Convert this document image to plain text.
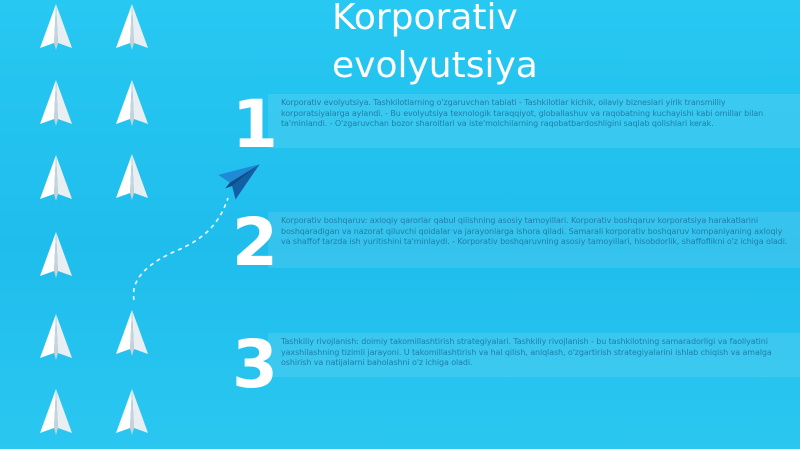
Korporativ
evolyutsiya
1 Korporativ evolyutsiya. Tashkilotlarning o'zgaruvchan tabiati - Tashkilotlar kichik, oilaviy bizneslari yirik transmilliy korporatsiyalarga aylandi. - Bu evolyutsiya texnologik taraqqiyot, globallashuv va raqobatning kuchayishi kabi omillar bilan ta'minlandi. - O'zgaruvchan bozor sharoitlari va iste'molchilarning raqobatbardoshligini saqlab qolishlari kerak.

2 Korporativ boshqaruv: axloqiy qarorlar qabul qilishning asosiy tamoyillari. Korporativ boshqaruv korporatsiya harakatlarini boshqaradigan va nazorat qiluvchi qoidalar va jarayonlarga ishora qiladi. Samarali korporativ boshqaruv kompaniyaning axloqiy va shaffof tarzda ish yuritishini ta'minlaydi. - Korporativ boshqaruvning asosiy tamoyillari, hisobdorlik, shaffoflikni o'z ichiga oladi.

3 Tashkiliy rivojlanish: doimiy takomillashtirish strategiyalari. Tashkiliy rivojlanish - bu tashkilotning samaradorligi va faoliyatini yaxshilashning tizimli jarayoni. U takomillashtirish va hal qilish, aniqlash, o'zgartirish strategiyalarini ishlab chiqish va amalga oshirish va natijalarni baholashni o'z ichiga oladi.
